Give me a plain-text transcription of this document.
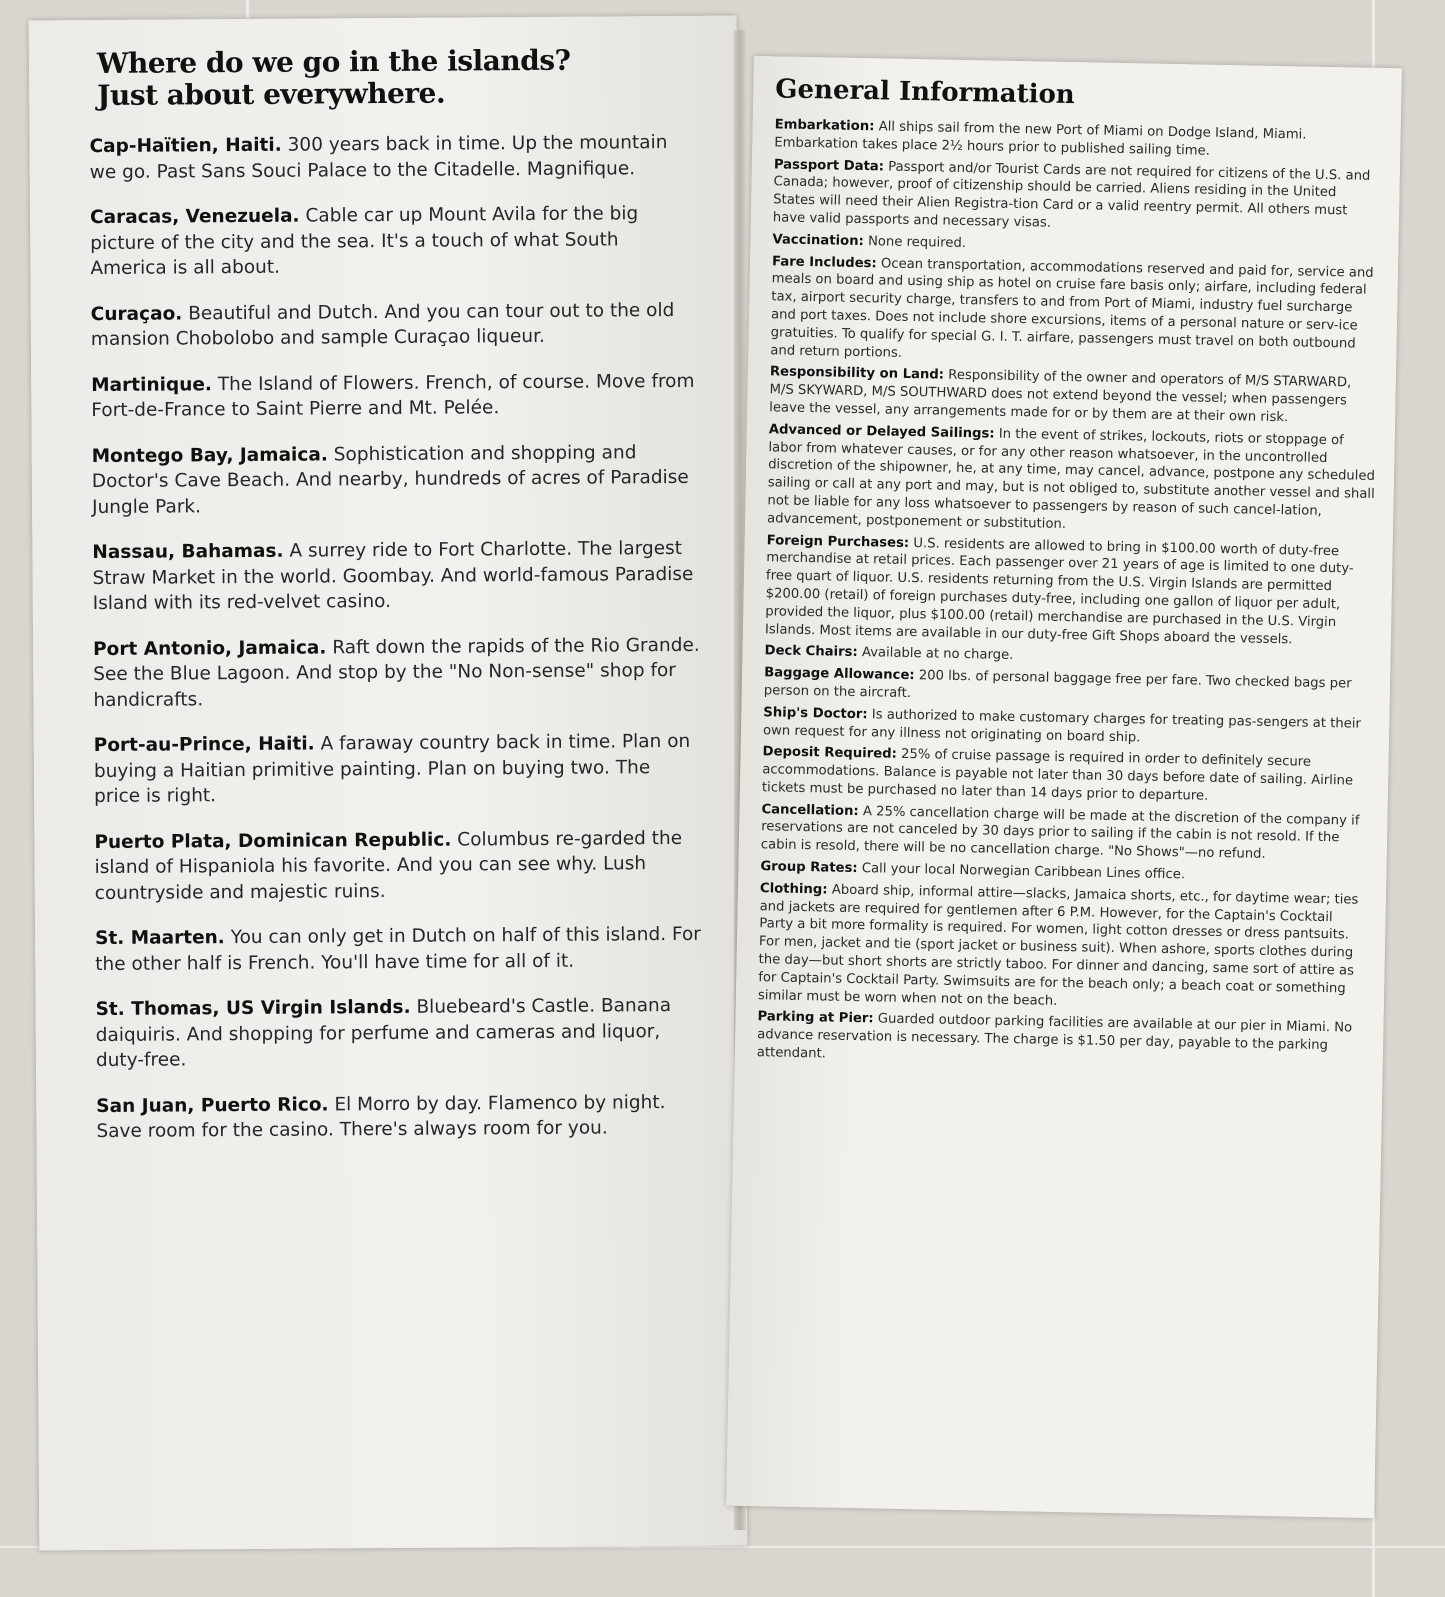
Where do we go in the islands?
Just about everywhere.

Cap-Haïtien, Haiti. 300 years back in time. Up the mountain we go. Past Sans Souci Palace to the Citadelle. Magnifique.

Caracas, Venezuela. Cable car up Mount Avila for the big picture of the city and the sea. It's a touch of what South America is all about.

Curaçao. Beautiful and Dutch. And you can tour out to the old mansion Chobolobo and sample Curaçao liqueur.

Martinique. The Island of Flowers. French, of course. Move from Fort-de-France to Saint Pierre and Mt. Pelée.

Montego Bay, Jamaica. Sophistication and shopping and Doctor's Cave Beach. And nearby, hundreds of acres of Paradise Jungle Park.

Nassau, Bahamas. A surrey ride to Fort Charlotte. The largest Straw Market in the world. Goombay. And world-famous Paradise Island with its red-velvet casino.

Port Antonio, Jamaica. Raft down the rapids of the Rio Grande. See the Blue Lagoon. And stop by the "No Non-sense" shop for handicrafts.

Port-au-Prince, Haiti. A faraway country back in time. Plan on buying a Haitian primitive painting. Plan on buying two. The price is right.

Puerto Plata, Dominican Republic. Columbus re-garded the island of Hispaniola his favorite. And you can see why. Lush countryside and majestic ruins.

St. Maarten. You can only get in Dutch on half of this island. For the other half is French. You'll have time for all of it.

St. Thomas, US Virgin Islands. Bluebeard's Castle. Banana daiquiris. And shopping for perfume and cameras and liquor, duty-free.

San Juan, Puerto Rico. El Morro by day. Flamenco by night. Save room for the casino. There's always room for you.

General Information

Embarkation: All ships sail from the new Port of Miami on Dodge Island, Miami. Embarkation takes place 2½ hours prior to published sailing time.

Passport Data: Passport and/or Tourist Cards are not required for citizens of the U.S. and Canada; however, proof of citizenship should be carried. Aliens residing in the United States will need their Alien Registra-tion Card or a valid reentry permit. All others must have valid passports and necessary visas.

Vaccination: None required.

Fare Includes: Ocean transportation, accommodations reserved and paid for, service and meals on board and using ship as hotel on cruise fare basis only; airfare, including federal tax, airport security charge, transfers to and from Port of Miami, industry fuel surcharge and port taxes. Does not include shore excursions, items of a personal nature or serv-ice gratuities. To qualify for special G. I. T. airfare, passengers must travel on both outbound and return portions.

Responsibility on Land: Responsibility of the owner and operators of M/S STARWARD, M/S SKYWARD, M/S SOUTHWARD does not extend beyond the vessel; when passengers leave the vessel, any arrangements made for or by them are at their own risk.

Advanced or Delayed Sailings: In the event of strikes, lockouts, riots or stoppage of labor from whatever causes, or for any other reason whatsoever, in the uncontrolled discretion of the shipowner, he, at any time, may cancel, advance, postpone any scheduled sailing or call at any port and may, but is not obliged to, substitute another vessel and shall not be liable for any loss whatsoever to passengers by reason of such cancel-lation, advancement, postponement or substitution.

Foreign Purchases: U.S. residents are allowed to bring in $100.00 worth of duty-free merchandise at retail prices. Each passenger over 21 years of age is limited to one duty-free quart of liquor. U.S. residents returning from the U.S. Virgin Islands are permitted $200.00 (retail) of foreign purchases duty-free, including one gallon of liquor per adult, provided the liquor, plus $100.00 (retail) merchandise are purchased in the U.S. Virgin Islands. Most items are available in our duty-free Gift Shops aboard the vessels.

Deck Chairs: Available at no charge.

Baggage Allowance: 200 lbs. of personal baggage free per fare. Two checked bags per person on the aircraft.

Ship's Doctor: Is authorized to make customary charges for treating pas-sengers at their own request for any illness not originating on board ship.

Deposit Required: 25% of cruise passage is required in order to definitely secure accommodations. Balance is payable not later than 30 days before date of sailing. Airline tickets must be purchased no later than 14 days prior to departure.

Cancellation: A 25% cancellation charge will be made at the discretion of the company if reservations are not canceled by 30 days prior to sailing if the cabin is not resold. If the cabin is resold, there will be no cancellation charge. "No Shows"—no refund.

Group Rates: Call your local Norwegian Caribbean Lines office.

Clothing: Aboard ship, informal attire—slacks, Jamaica shorts, etc., for daytime wear; ties and jackets are required for gentlemen after 6 P.M. However, for the Captain's Cocktail Party a bit more formality is required. For women, light cotton dresses or dress pantsuits. For men, jacket and tie (sport jacket or business suit). When ashore, sports clothes during the day—but short shorts are strictly taboo. For dinner and dancing, same sort of attire as for Captain's Cocktail Party. Swimsuits are for the beach only; a beach coat or something similar must be worn when not on the beach.

Parking at Pier: Guarded outdoor parking facilities are available at our pier in Miami. No advance reservation is necessary. The charge is $1.50 per day, payable to the parking attendant.
